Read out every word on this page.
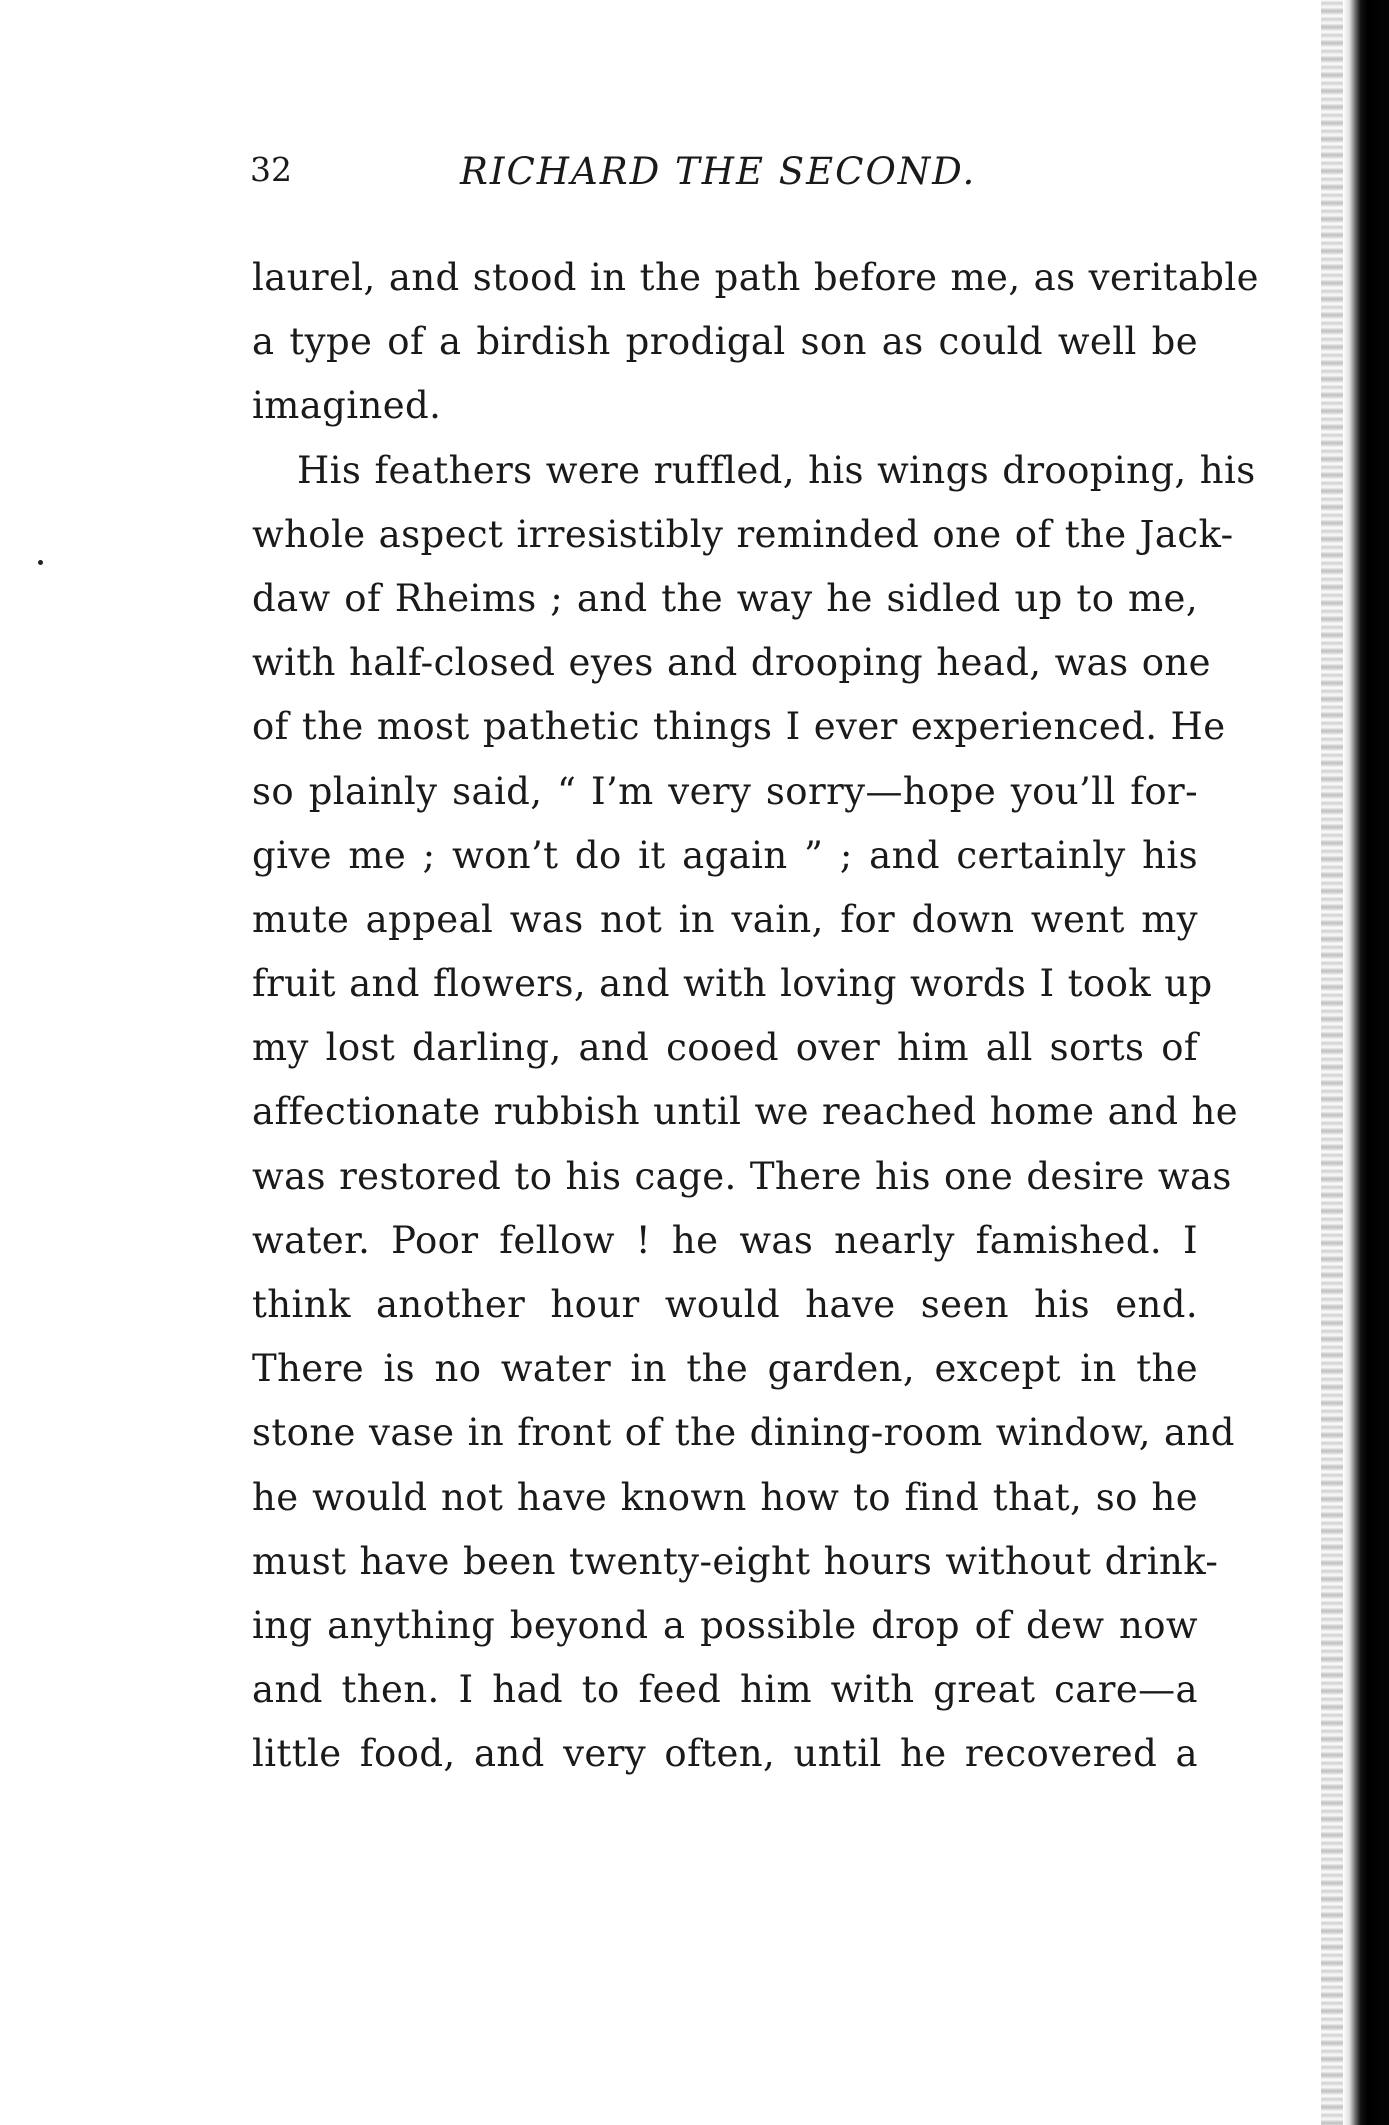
32	RICHARD THE SECOND.
laurel, and stood in the path before me, as veritable
a type of a birdish prodigal son as could well be
imagined.
His feathers were ruffled, his wings drooping, his
whole aspect irresistibly reminded one of the Jack-
daw of Rheims ; and the way he sidled up to me,
with half-closed eyes and drooping head, was one
of the most pathetic things I ever experienced. He
so plainly said, “ I’m very sorry—hope you’ll for-
give me ; won’t do it again ” ; and certainly his
mute appeal was not in vain, for down went my
fruit and flowers, and with loving words I took up
my lost darling, and cooed over him all sorts of
affectionate rubbish until we reached home and he
was restored to his cage. There his one desire was
water. Poor fellow ! he was nearly famished. I
think another hour would have seen his end.
There is no water in the garden, except in the
stone vase in front of the dining-room window, and
he would not have known how to find that, so he
must have been twenty-eight hours without drink-
ing anything beyond a possible drop of dew now
and then. I had to feed him with great care—a
little food, and very often, until he recovered a
